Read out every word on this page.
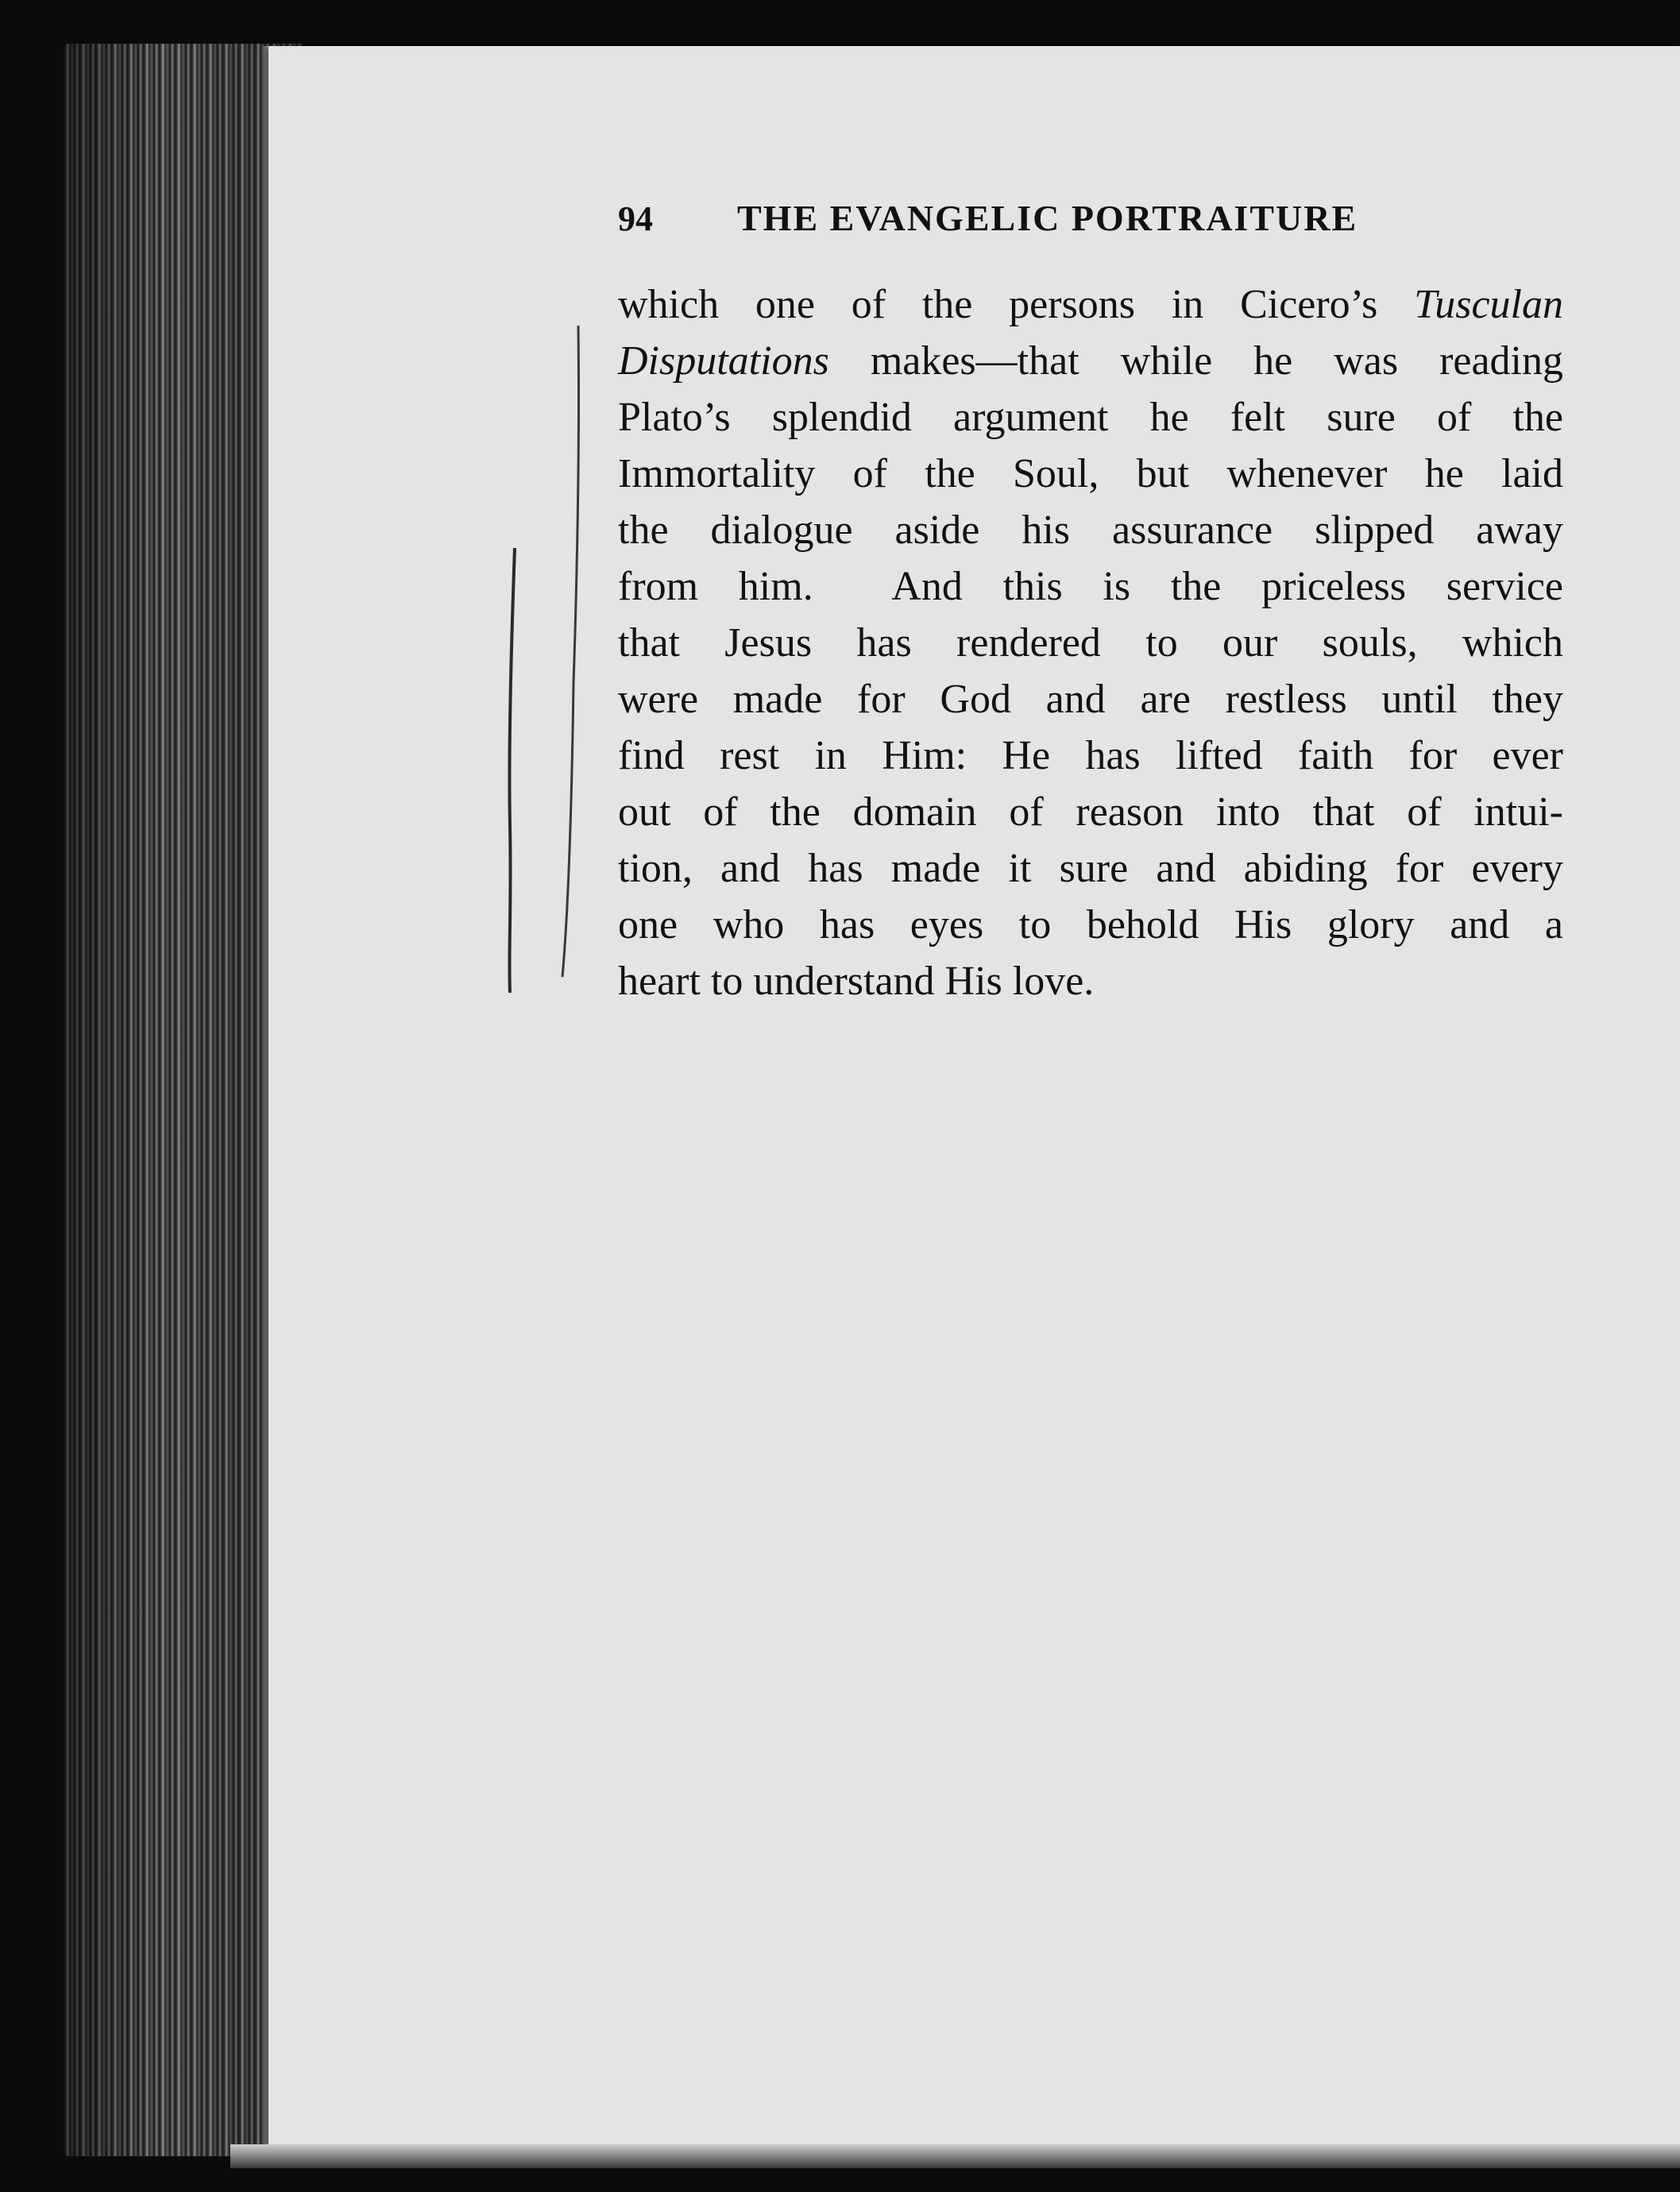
94	THE EVANGELIC PORTRAITURE
which one of the persons in Cicero’s Tusculan
Disputations makes—that while he was reading
Plato’s splendid argument he felt sure of the
Immortality of the Soul, but whenever he laid
the dialogue aside his assurance slipped away
from him.  And this is the priceless service
that Jesus has rendered to our souls, which
were made for God and are restless until they
find rest in Him: He has lifted faith for ever
out of the domain of reason into that of intui-
tion, and has made it sure and abiding for every
one who has eyes to behold His glory and a
heart to understand His love.
